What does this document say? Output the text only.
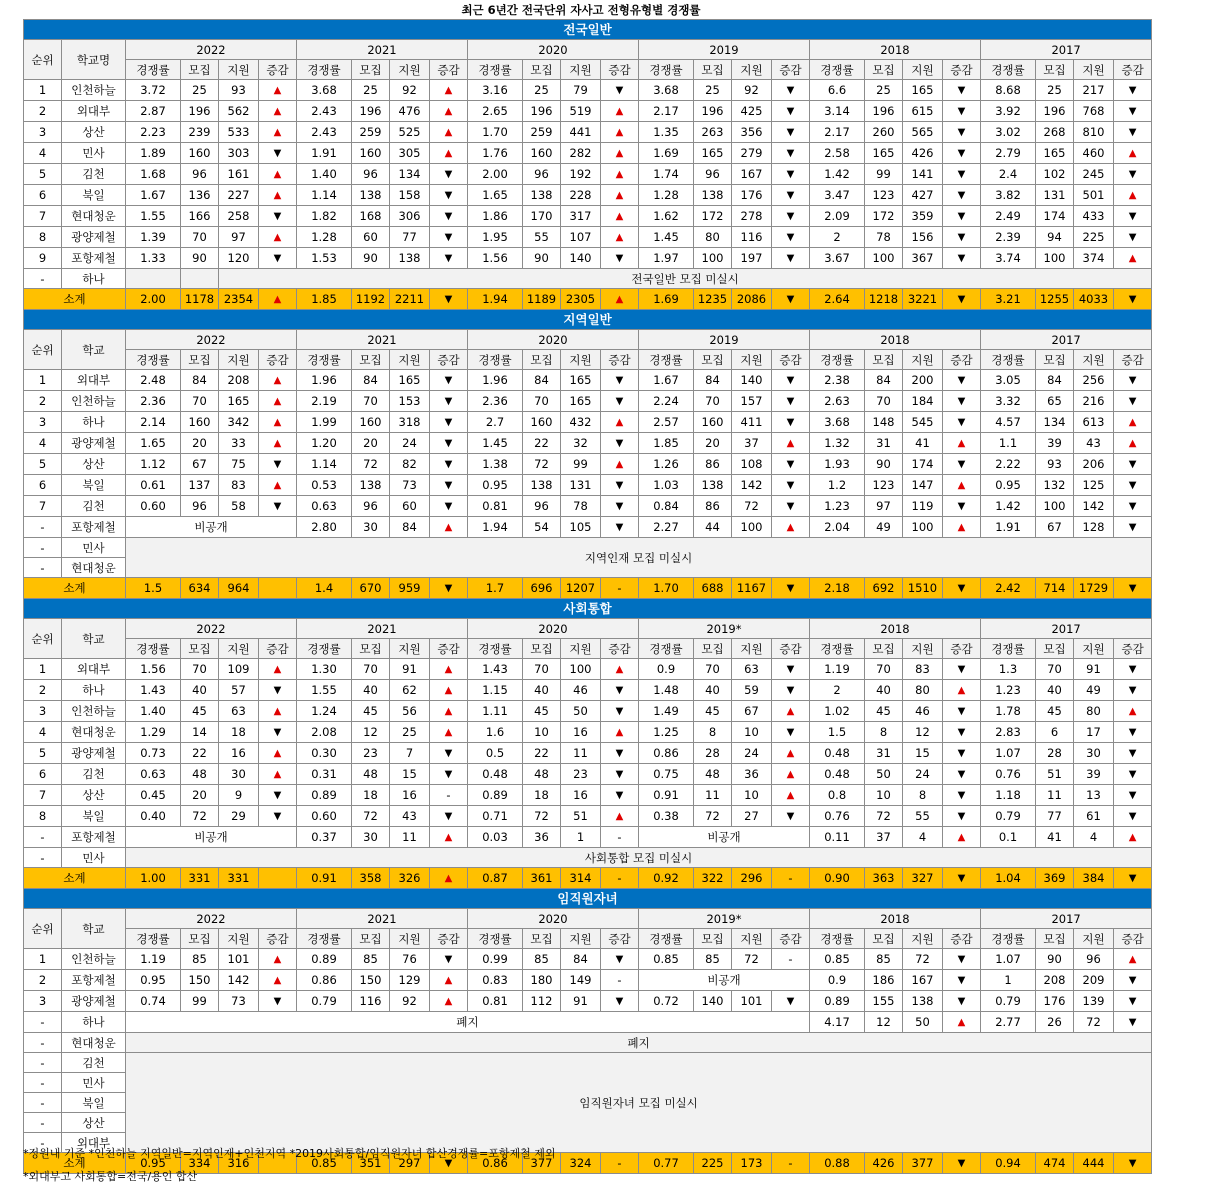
최근 6년간 전국단위 자사고 전형유형별 경쟁률
전국일반																									
순위	학교명	2022				2021				2020				2019				2018				2017			
		경쟁률	모집	지원	증감	경쟁률	모집	지원	증감	경쟁률	모집	지원	증감	경쟁률	모집	지원	증감	경쟁률	모집	지원	증감	경쟁률	모집	지원	증감
1	인천하늘	3.72	25	93	▲	3.68	25	92	▲	3.16	25	79	▼	3.68	25	92	▼	6.6	25	165	▼	8.68	25	217	▼
2	외대부	2.87	196	562	▲	2.43	196	476	▲	2.65	196	519	▲	2.17	196	425	▼	3.14	196	615	▼	3.92	196	768	▼
3	상산	2.23	239	533	▲	2.43	259	525	▲	1.70	259	441	▲	1.35	263	356	▼	2.17	260	565	▼	3.02	268	810	▼
4	민사	1.89	160	303	▼	1.91	160	305	▲	1.76	160	282	▲	1.69	165	279	▼	2.58	165	426	▼	2.79	165	460	▲
5	김천	1.68	96	161	▲	1.40	96	134	▼	2.00	96	192	▲	1.74	96	167	▼	1.42	99	141	▼	2.4	102	245	▼
6	북일	1.67	136	227	▲	1.14	138	158	▼	1.65	138	228	▲	1.28	138	176	▼	3.47	123	427	▼	3.82	131	501	▲
7	현대청운	1.55	166	258	▼	1.82	168	306	▼	1.86	170	317	▲	1.62	172	278	▼	2.09	172	359	▼	2.49	174	433	▼
8	광양제철	1.39	70	97	▲	1.28	60	77	▼	1.95	55	107	▲	1.45	80	116	▼	2	78	156	▼	2.39	94	225	▼
9	포항제철	1.33	90	120	▼	1.53	90	138	▼	1.56	90	140	▼	1.97	100	197	▼	3.67	100	367	▼	3.74	100	374	▲
-	하나			전국일반 모집 미실시																					
소계		2.00	1178	2354	▲	1.85	1192	2211	▼	1.94	1189	2305	▲	1.69	1235	2086	▼	2.64	1218	3221	▼	3.21	1255	4033	▼
지역일반																									
순위	학교	2022				2021				2020				2019				2018				2017			
		경쟁률	모집	지원	증감	경쟁률	모집	지원	증감	경쟁률	모집	지원	증감	경쟁률	모집	지원	증감	경쟁률	모집	지원	증감	경쟁률	모집	지원	증감
1	외대부	2.48	84	208	▲	1.96	84	165	▼	1.96	84	165	▼	1.67	84	140	▼	2.38	84	200	▼	3.05	84	256	▼
2	인천하늘	2.36	70	165	▲	2.19	70	153	▼	2.36	70	165	▼	2.24	70	157	▼	2.63	70	184	▼	3.32	65	216	▼
3	하나	2.14	160	342	▲	1.99	160	318	▼	2.7	160	432	▲	2.57	160	411	▼	3.68	148	545	▼	4.57	134	613	▲
4	광양제철	1.65	20	33	▲	1.20	20	24	▼	1.45	22	32	▼	1.85	20	37	▲	1.32	31	41	▲	1.1	39	43	▲
5	상산	1.12	67	75	▼	1.14	72	82	▼	1.38	72	99	▲	1.26	86	108	▼	1.93	90	174	▼	2.22	93	206	▼
6	북일	0.61	137	83	▲	0.53	138	73	▼	0.95	138	131	▼	1.03	138	142	▼	1.2	123	147	▲	0.95	132	125	▼
7	김천	0.60	96	58	▼	0.63	96	60	▼	0.81	96	78	▼	0.84	86	72	▼	1.23	97	119	▼	1.42	100	142	▼
-	포항제철	비공개				2.80	30	84	▲	1.94	54	105	▼	2.27	44	100	▲	2.04	49	100	▲	1.91	67	128	▼
-	민사	지역인재 모집 미실시																							
-	현대청운																								
소계		1.5	634	964		1.4	670	959	▼	1.7	696	1207	-	1.70	688	1167	▼	2.18	692	1510	▼	2.42	714	1729	▼
사회통합																									
순위	학교	2022				2021				2020				2019*				2018				2017			
		경쟁률	모집	지원	증감	경쟁률	모집	지원	증감	경쟁률	모집	지원	증감	경쟁률	모집	지원	증감	경쟁률	모집	지원	증감	경쟁률	모집	지원	증감
1	외대부	1.56	70	109	▲	1.30	70	91	▲	1.43	70	100	▲	0.9	70	63	▼	1.19	70	83	▼	1.3	70	91	▼
2	하나	1.43	40	57	▼	1.55	40	62	▲	1.15	40	46	▼	1.48	40	59	▼	2	40	80	▲	1.23	40	49	▼
3	인천하늘	1.40	45	63	▲	1.24	45	56	▲	1.11	45	50	▼	1.49	45	67	▲	1.02	45	46	▼	1.78	45	80	▲
4	현대청운	1.29	14	18	▼	2.08	12	25	▲	1.6	10	16	▲	1.25	8	10	▼	1.5	8	12	▼	2.83	6	17	▼
5	광양제철	0.73	22	16	▲	0.30	23	7	▼	0.5	22	11	▼	0.86	28	24	▲	0.48	31	15	▼	1.07	28	30	▼
6	김천	0.63	48	30	▲	0.31	48	15	▼	0.48	48	23	▼	0.75	48	36	▲	0.48	50	24	▼	0.76	51	39	▼
7	상산	0.45	20	9	▼	0.89	18	16	-	0.89	18	16	▼	0.91	11	10	▲	0.8	10	8	▼	1.18	11	13	▼
8	북일	0.40	72	29	▼	0.60	72	43	▼	0.71	72	51	▲	0.38	72	27	▼	0.76	72	55	▼	0.79	77	61	▼
-	포항제철	비공개				0.37	30	11	▲	0.03	36	1	-	비공개				0.11	37	4	▲	0.1	41	4	▲
-	민사	사회통합 모집 미실시																							
소계		1.00	331	331		0.91	358	326	▲	0.87	361	314	-	0.92	322	296	-	0.90	363	327	▼	1.04	369	384	▼
임직원자녀																									
순위	학교	2022				2021				2020				2019*				2018				2017			
		경쟁률	모집	지원	증감	경쟁률	모집	지원	증감	경쟁률	모집	지원	증감	경쟁률	모집	지원	증감	경쟁률	모집	지원	증감	경쟁률	모집	지원	증감
1	인천하늘	1.19	85	101	▲	0.89	85	76	▼	0.99	85	84	▼	0.85	85	72	-	0.85	85	72	▼	1.07	90	96	▲
2	포항제철	0.95	150	142	▲	0.86	150	129	▲	0.83	180	149	-	비공개				0.9	186	167	▼	1	208	209	▼
3	광양제철	0.74	99	73	▼	0.79	116	92	▲	0.81	112	91	▼	0.72	140	101	▼	0.89	155	138	▼	0.79	176	139	▼
-	하나	폐지																4.17	12	50	▲	2.77	26	72	▼
-	현대청운	폐지																							
-	김천	임직원자녀 모집 미실시																							
-	민사																								
-	북일																								
-	상산																								
-	외대부																								
소계		0.95	334	316		0.85	351	297	▼	0.86	377	324	-	0.77	225	173	-	0.88	426	377	▼	0.94	474	444	▼
*정원내 기준 *인천하늘 지역일반=지역인재+인천지역 *2019사회통합/임직원자녀 합산경쟁률=포항제철 제외
*외대부고 사회통합=전국/용인 합산
